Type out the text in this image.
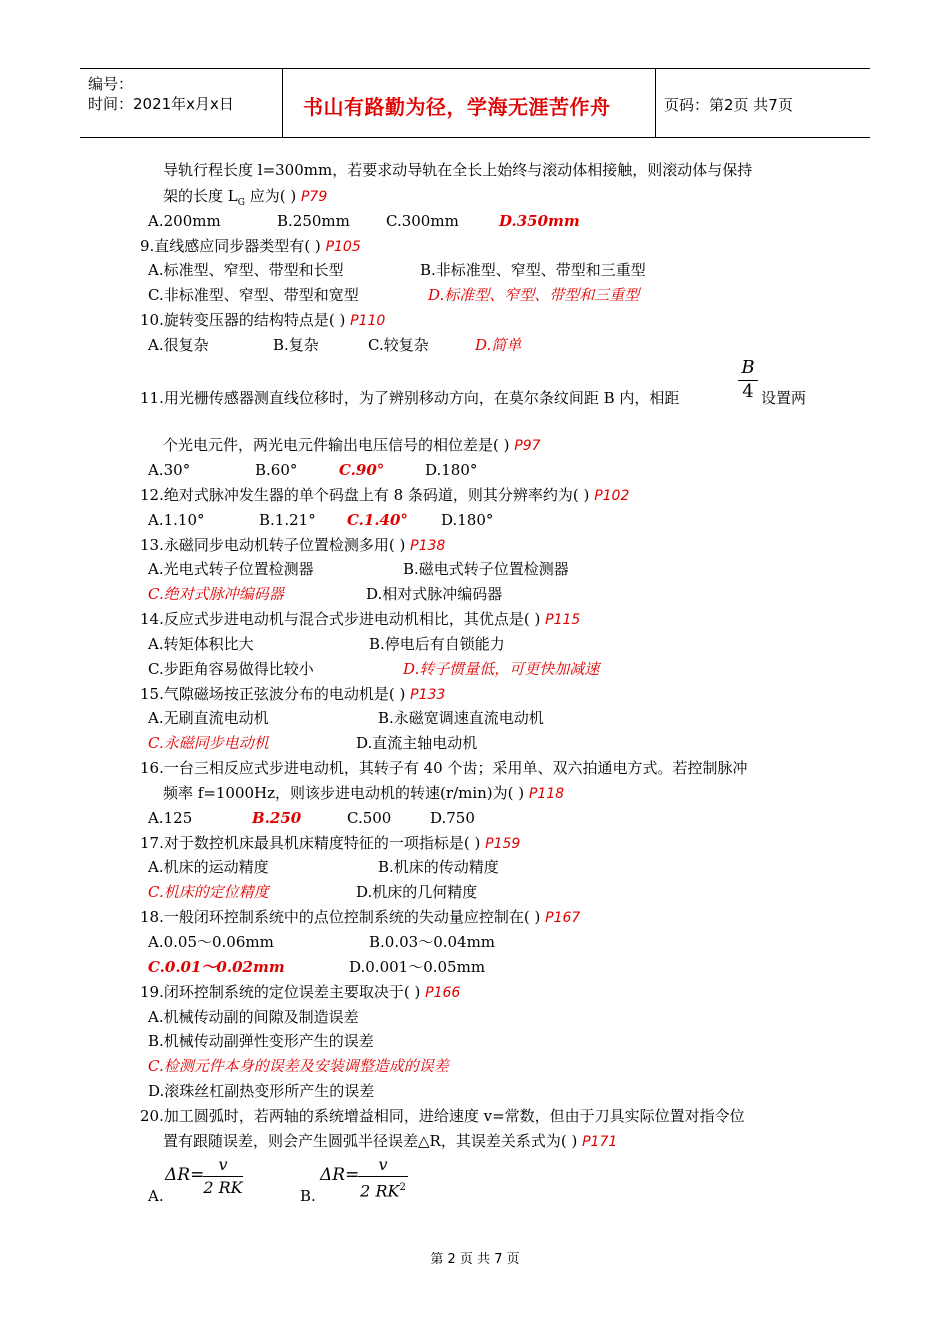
编号：
时间：2021年x月x日	书山有路勤为径，学海无涯苦作舟	页码：第2页 共7页
导轨行程长度 l=300mm，若要求动导轨在全长上始终与滚动体相接触，则滚动体与保持
架的长度 $L_G$ 应为( ) P79
A.200mm	B.250mm C.300mm	D.350mm
9.直线感应同步器类型有( ) P105
A.标准型、窄型、带型和长型	B.非标准型、窄型、带型和三重型
C.非标准型、窄型、带型和宽型	D.标准型、窄型、带型和三重型
10.旋转变压器的结构特点是( ) P110
A.很复杂	B.复杂	C.较复杂	D.简单
11.用光栅传感器测直线位移时，为了辨别移动方向，在莫尔条纹间距 B 内，相距
B
4 设置两
个光电元件，两光电元件输出电压信号的相位差是( ) P97
A.30°	B.60°	C.90°	D.180°
12.绝对式脉冲发生器的单个码盘上有 8 条码道，则其分辨率约为( ) P102
A.1.10°	B.1.21° C.1.40° D.180°
13.永磁同步电动机转子位置检测多用( ) P138
A.光电式转子位置检测器	B.磁电式转子位置检测器
C.绝对式脉冲编码器	D.相对式脉冲编码器
14.反应式步进电动机与混合式步进电动机相比，其优点是( ) P115
A.转矩体积比大	B.停电后有自锁能力
C.步距角容易做得比较小	D.转子惯量低，可更快加减速
15.气隙磁场按正弦波分布的电动机是( ) P133
A.无刷直流电动机	B.永磁宽调速直流电动机
C.永磁同步电动机	D.直流主轴电动机
16.一台三相反应式步进电动机，其转子有 40 个齿；采用单、双六拍通电方式。若控制脉冲
频率 f=1000Hz，则该步进电动机的转速(r/min)为( ) P118
A.125	B.250	C.500	D.750
17.对于数控机床最具机床精度特征的一项指标是( ) P159
A.机床的运动精度	B.机床的传动精度
C.机床的定位精度	D.机床的几何精度
18.一般闭环控制系统中的点位控制系统的失动量应控制在( ) P167
A.0.05～0.06mm	B.0.03～0.04mm
C.0.01～0.02mm	D.0.001～0.05mm
19.闭环控制系统的定位误差主要取决于( ) P166
A.机械传动副的间隙及制造误差
B.机械传动副弹性变形产生的误差
C.检测元件本身的误差及安装调整造成的误差
D.滚珠丝杠副热变形所产生的误差
20.加工圆弧时，若两轴的系统增益相同，进给速度 v=常数，但由于刀具实际位置对指令位
置有跟随误差，则会产生圆弧半径误差△R，其误差关系式为( ) P171
A.
ΔR=
v
2 RK	B.
ΔR=
v
2 $RK^2$
第 2 页 共 7 页
